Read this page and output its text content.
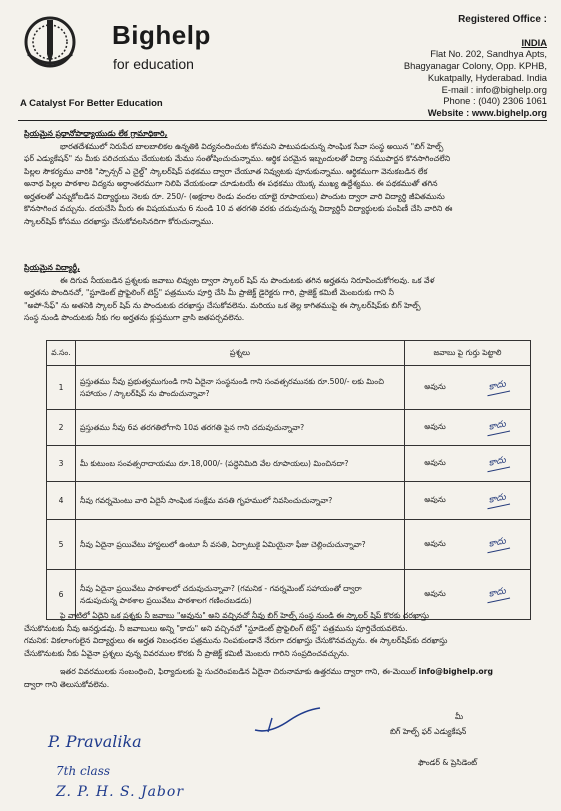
Bighelp
for education
A Catalyst For Better Education
Registered Office :
INDIA
Flat No. 202, Sandhya Apts,
Bhagyanagar Colony, Opp. KPHB,
Kukatpally, Hyderabad. India
E-mail : info@bighelp.org
Phone : (040) 2306 1061
Website : www.bighelp.org
ప్రియమైన ప్రధానోపాధ్యాయుడు లేక గ్రామాధికారి,
భారతదేశములో నిరుపేద బాలబాలికల ఉన్నతికి విద్యనందించుట కోసమని పాటుపడుచున్న సాంఘిక సేవా సంస్థ అయిన "బిగ్ హెల్ప్
ఫర్ ఎడ్యుకేషన్" ను మీకు పరిచయము చేయుటకు మేము సంతోషించుచున్నాము. ఆర్థిక పరమైన ఇబ్బందులతో విద్యా సముపార్జన కొనసాగించలేని
పిల్లల సౌకర్యము వారికి "స్పాన్సర్ ఎ చైల్డ్" స్కాలర్‌షిప్ పథకము ద్వారా చేయూత నివ్వుటకు పూనుకున్నాము. ఆర్థికముగా వెనుకబడిన లేక
అనాథ పిల్లల పాఠశాల విద్యను అర్ధాంతరముగా నిలిపి వేయకుండా చూడుటయే ఈ పథకము యొక్క ముఖ్య ఉద్దేశ్యము. ఈ పథకముతో తగిన
అర్హతలతో ఎన్నుకోబడిన విద్యార్థులు నెలకు రూ. 250/- (అక్షరాల రెండు వందల యాభై రూపాయలు) పొందుట ద్వారా వారి విద్యార్థి జీవితమును
కొనసాగించ వచ్చును. దయచేసి మీరు ఈ విషయమును 6 నుండి 10 వ తరగతి వరకు చదువుచున్న విద్యార్థినీ విద్యార్థులకు పంపిణీ చేసి వారిని ఈ
స్కాలర్‌షిప్ కోసము దరఖాస్తు చేసుకోవలసినదిగా కోరుచున్నాము.
ప్రియమైన విద్యార్థీ,
ఈ దిగువ నీయబడిన ప్రశ్నలకు జవాబు లివ్వుట ద్వారా స్కాలర్ షిప్ ను పొందుటకు తగిన అర్హతను నిరూపించుకోగలవు. ఒక వేళ
అర్హతను పొందినచో, "స్టూడెంట్ ప్రొఫైలింగ్ టెస్ట్" పత్రమును పూర్తి చేసి మీ ప్రాజెక్ట్ డైరెక్టరు గారి, ప్రాజెక్ట్ కమిటీ మెంబరుకు గాని నీ
"అపో-సేఫ్" ను అతనికి స్కాలర్ షిప్ ను పొందుటకు దరఖాస్తు చేసుకోవలెను. మరియు ఒక తెల్ల కాగితముపై ఈ స్కాలర్‌షిప్‌కు బిగ్ హెల్ప్
సంస్థ నుండి పొందుటకు నీకు గల అర్హతను క్లుప్తముగా వ్రాసి జతపర్చవలెను.
వ.సం.	ప్రశ్నలు	జవాబు పై గుర్తు పెట్టాలి	
1	ప్రస్తుతము నీవు ప్రభుత్వముగుండి గాని ఏదైనా సంస్థనుండి గాని సంవత్సరమునకు రూ.500/- లకు మించి సహాయం / స్కాలర్‌షిప్ ను పొందుచున్నావా?	అవును	కాదు
2	ప్రస్తుతము నీవు 6వ తరగతిలోగాని 10వ తరగతి పైన గాని చదువుచున్నావా?	అవును	కాదు
3	మీ కుటుంబ సంవత్సరాదాయము రూ.18,000/- (పద్ధెనిమిది వేల రూపాయలు) మించినదా?	అవును	కాదు
4	నీవు గవర్నమెంటు వారి ఏదైనీ సాంఘిక సంక్షేమ వసతి గృహములో నివసించుచున్నావా?	అవును	కాదు
5	నీవు ఏదైనా ప్రయివేటు హాస్టలులో ఉంటూ నీ వసతి, ఏర్పాటుకై ఏమియైనా ఫీజు చెల్లించుచున్నావా?	అవును	కాదు
6	నీవు ఏదైనా ప్రయివేటు పాఠశాలలో చదువుచున్నావా? (గమనిక - గవర్నమెంట్ సహాయంతో ద్వారా నడుపుచున్న పాఠశాల ప్రయివేటు పాఠశాలగ గణించబడదు)	అవును	కాదు
పై వాటిలో ఏదైని ఒక ప్రశ్నకు నీ జవాబు "అవును" అని వచ్చినచో నీవు బిగ్ హెల్ప్ సంస్థ నుండి ఈ స్కాలర్ షిప్ కొరకు దరఖాస్తు
చేసుకొనుటకు నీవు అనర్హుడవు. నీ జవాబులు అన్ని "కాదు" అని వచ్చినచో "స్టూడెంట్ ప్రొఫైలింగ్ టెస్ట్" పత్రమును పూర్తిచేయవలెను.
గమనిక: వికలాంగులైన విద్యార్థులు ఈ అర్హత నిబంధనల పత్రమును నింపకుండానే నేరుగా దరఖాస్తు చేసుకొనవచ్చును. ఈ స్కాలర్‌షిప్‌కు దరఖాస్తు
చేసుకొనుటకు నీకు ఏవైనా ప్రశ్నలు వున్న వివరముల కొరకు నీ ప్రాజెక్ట్ కమిటీ మెంబరు గారిని సంప్రదించవచ్చును.
ఇతర వివరములకు సంబంధించి, ఫిర్యాదులకు పై సుచరింపబడిన ఏదైనా చిరునామాకు ఉత్తరము ద్వారా గాని, ఈ-మెయిల్ info@bighelp.org
ద్వారా గాని తెలుసుకోవలెను.
మీ
బిగ్ హెల్ప్ ఫర్ ఎడ్యుకేషన్
ఫౌండర్ & ప్రెసిడెంట్
P. Pravalika
7th class
Z. P. H. S. Jabor
